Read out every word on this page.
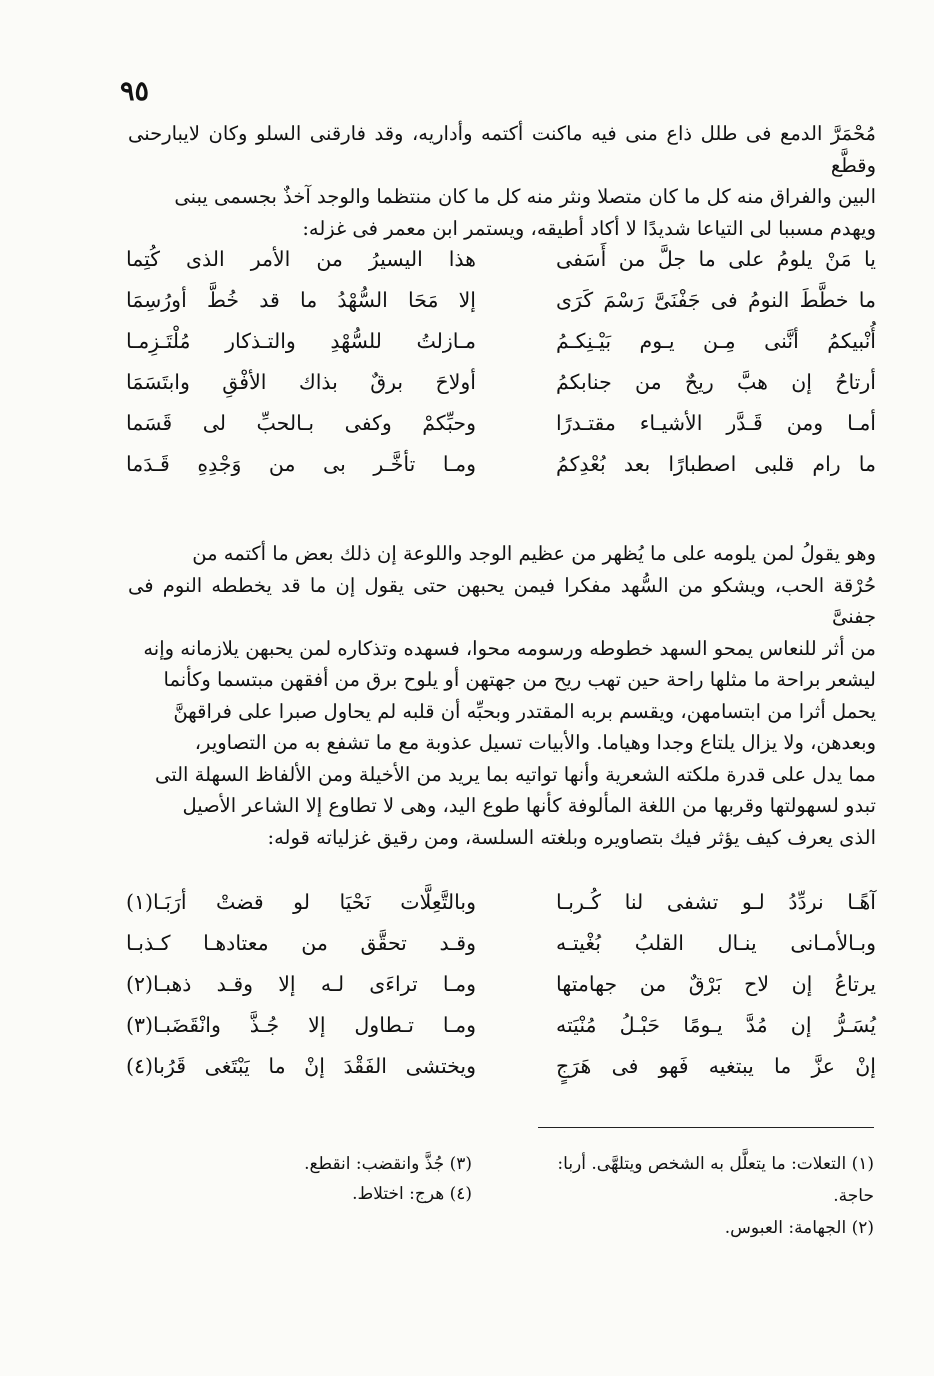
٩٥

مُحْمَرَّ الدمع فى طلل ذاع منى فيه ماكنت أكتمه وأداريه، وقد فارقنى السلو وكان لايبارحنى وقطَّع

البين والفراق منه كل ما كان متصلا ونثر منه كل ما كان منتظما والوجد آخذٌ بجسمى يبنى

ويهدم مسببا لى التياعا شديدًا لا أكاد أطيقه، ويستمر ابن معمر فى غزله:

يا مَنْ يلومُ على ما جلَّ من أَسَفى
هذا اليسيرُ من الأمر الذى كُتِما
ما خطَّطَ النومُ فى جَفْنَىَّ رَسْمَ كَرَى
إلا مَحَا السُّهْدُ ما قد خُطَّ أورُسِمَا
أُنْبيكمُ أنَّنى مِـن يـوم بَيْـنِكـمُ
مـازلتُ للسُّهْدِ والتـذكار مُلْتَـزِمـا
أرتاحُ إن هبَّ ريحٌ من جنابكمُ
أولاحَ برقٌ بذاك الأفْقِ وابتَسَمَا
أمـا ومن قَـدَّر الأشيـاء مقتـدرًا
وحبِّكمْ وكفى بـالحبِّ لى قَسَما
ما رام قلبى اصطبارًا بعد بُعْدِكمُ
ومـا تأخَّـر بى من وَجْدِهِ قَـدَما

وهو يقولُ لمن يلومه على ما يُظهر من عظيم الوجد واللوعة إن ذلك بعض ما أكتمه من

حُرْقة الحب، ويشكو من السُّهد مفكرا فيمن يحبهن حتى يقول إن ما قد يخططه النوم فى جفنىَّ

من أثر للنعاس يمحو السهد خطوطه ورسومه محوا، فسهده وتذكاره لمن يحبهن يلازمانه وإنه

ليشعر براحة ما مثلها راحة حين تهب ريح من جهتهن أو يلوح برق من أفقهن مبتسما وكأنما

يحمل أثرا من ابتسامهن، ويقسم بربه المقتدر وبحبِّه أن قلبه لم يحاول صبرا على فراقهنَّ

وبعدهن، ولا يزال يلتاع وجدا وهياما. والأبيات تسيل عذوبة مع ما تشفع به من التصاوير،

مما يدل على قدرة ملكته الشعرية وأنها تواتيه بما يريد من الأخيلة ومن الألفاظ السهلة التى

تبدو لسهولتها وقربها من اللغة المألوفة كأنها طوع اليد، وهى لا تطاوع إلا الشاعر الأصيل

الذى يعرف كيف يؤثر فيك بتصاويره وبلغته السلسة، ومن رقيق غزلياته قوله:

آهًـا نردِّدُ لـو تشفى لنا كُـربـا
وبالتَّعِلَّات نَحْيَا لو قضتْ أرَبَـا(١)
وبـالأمـانى ينـال القلبُ بُغْيتـه
وقـد تحقَّق من معتادهـا كـذبـا
يرتاعُ إن لاح بَرْقٌ من جهامتها
ومـا تراءَى لـه إلا وقـد ذهبـا(٢)
يُسَـرُّ إن مُدَّ يـومًا حَبْـلُ مُنْيَته
ومـا تـطاول إلا جُـذَّ وانْقَضَبـا(٣)
إنْ عزَّ ما يبتغيه فَهو فى هَرَجٍ
ويختشى الفَقْدَ إنْ ما يَبْتَغى قَرُبا(٤)
(١) التعلات: ما يتعلَّل به الشخص ويتلهَّى. أربا:
حاجة.
(٢) الجهامة: العبوس.
(٣) جُذَّ وانقضب: انقطع.
(٤) هرج: اختلاط.
